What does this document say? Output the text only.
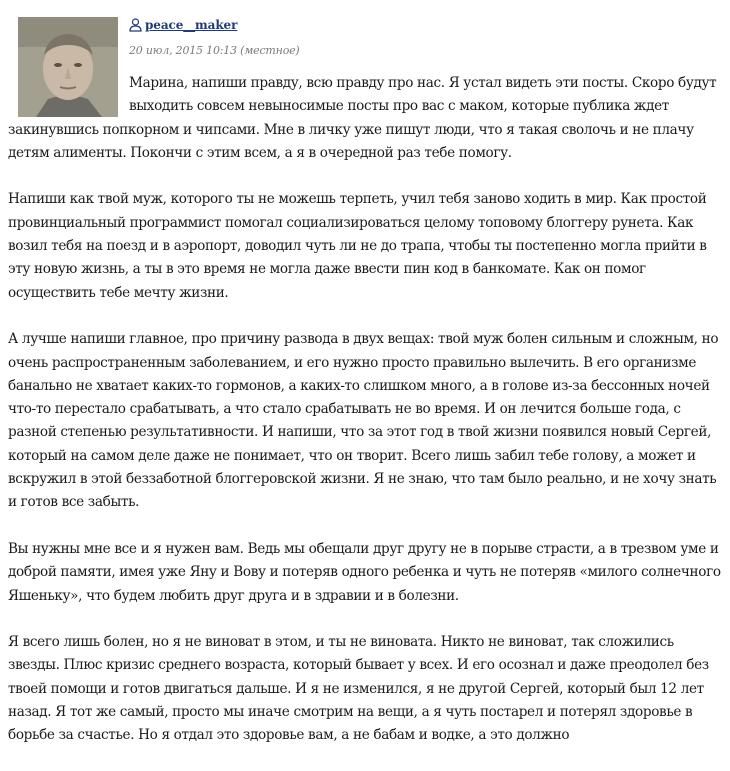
peace__maker
20 июл, 2015 10:13 (местное)

Марина, напиши правду, всю правду про нас. Я устал видеть эти посты. Скоро будут выходить совсем невыносимые посты про вас с маком, которые публика ждет закинувшись попкорном и чипсами. Мне в личку уже пишут люди, что я такая сволочь и не плачу детям алименты. Покончи с этим всем, а я в очередной раз тебе помогу.

Напиши как твой муж, которого ты не можешь терпеть, учил тебя заново ходить в мир. Как простой провинциальный программист помогал социализироваться целому топовому блоггеру рунета. Как возил тебя на поезд и в аэропорт, доводил чуть ли не до трапа, чтобы ты постепенно могла прийти в эту новую жизнь, а ты в это время не могла даже ввести пин код в банкомате. Как он помог осуществить тебе мечту жизни.

А лучше напиши главное, про причину развода в двух вещах: твой муж болен сильным и сложным, но очень распространенным заболеванием, и его нужно просто правильно вылечить. В его организме банально не хватает каких-то гормонов, а каких-то слишком много, а в голове из-за бессонных ночей что-то перестало срабатывать, а что стало срабатывать не во время. И он лечится больше года, с разной степенью результативности. И напиши, что за этот год в твой жизни появился новый Сергей, который на самом деле даже не понимает, что он творит. Всего лишь забил тебе голову, а может и вскружил в этой беззаботной блоггеровской жизни. Я не знаю, что там было реально, и не хочу знать и готов все забыть.

Вы нужны мне все и я нужен вам. Ведь мы обещали друг другу не в порыве страсти, а в трезвом уме и доброй памяти, имея уже Яну и Вову и потеряв одного ребенка и чуть не потеряв «милого солнечного Яшеньку», что будем любить друг друга и в здравии и в болезни.

Я всего лишь болен, но я не виноват в этом, и ты не виновата. Никто не виноват, так сложились звезды. Плюс кризис среднего возраста, который бывает у всех. И его осознал и даже преодолел без твоей помощи и готов двигаться дальше. И я не изменился, я не другой Сергей, который был 12 лет назад. Я тот же самый, просто мы иначе смотрим на вещи, а я чуть постарел и потерял здоровье в борьбе за счастье. Но я отдал это здоровье вам, а не бабам и водке, а это должно
